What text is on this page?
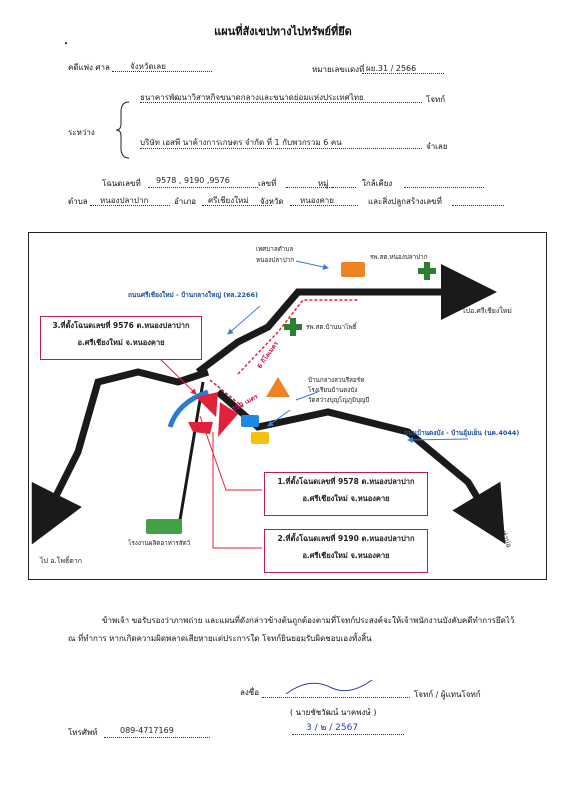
แผนที่สังเขปทางไปทรัพย์ที่ยึด
•
คดีแพ่ง ศาล	จังหวัดเลย	หมายเลขแดงที่ ผย.31 / 2566
ระหว่าง
ธนาคารพัฒนาวิสาหกิจขนาดกลางและขนาดย่อมแห่งประเทศไทย	โจทก์
บริษัท เอสพี นาค้างการเกษตร จำกัด ที่ 1 กับพวกรวม 6 คน	จำเลย
โฉนดเลขที่ 9578 , 9190 ,9576	เลขที่	หมู่	ใกล้เคียง
ตำบล หนองปลาปาก	อำเภอ ศรีเชียงใหม่ จังหวัด หนองคาย	และสิ่งปลูกสร้างเลขที่
เทศบาลตำบล
หนองปลาปาก	รพ.สต.หนองปลาปาก
ถนนศรีเชียงใหม่ - บ้านกลางใหญ่ (ทล.2266)
ไปอ.ศรีเชียงใหม่
รพ.สต.บ้านนาโพธิ์
6 กิโลเมตร
250 เมตร
บ้านกลางสวนรีสอร์ท
โรงเรียนบ้านดงบัง
วัดสว่างบุญโญภูมิบุญบี
ถนนบ้านดงบัง - บ้านอุ้มเย็น (นค.4044)
ไป อ.ท่าบ่อ
ไป อ.โพธิ์ตาก
โรงงานผลิตอาหารสัตว์
3.ที่ตั้งโฉนดเลขที่ 9576 ต.หนองปลาปาก
อ.ศรีเชียงใหม่ จ.หนองคาย
1.ที่ตั้งโฉนดเลขที่ 9578 ต.หนองปลาปาก
อ.ศรีเชียงใหม่ จ.หนองคาย
2.ที่ตั้งโฉนดเลขที่ 9190 ต.หนองปลาปาก
อ.ศรีเชียงใหม่ จ.หนองคาย
ข้าพเจ้า ขอรับรองว่าภาพถ่าย และแผนที่ดังกล่าวข้างต้นถูกต้องตามที่โจทก์ประสงค์จะให้เจ้าพนักงานบังคับคดีทำการยึดไว้
ณ ที่ทำการ หากเกิดความผิดพลาดเสียหายแต่ประการใด โจทก์ยินยอมรับผิดชอบเองทั้งสิ้น
ลงชื่อ	โจทก์ / ผู้แทนโจทก์
( นายชัชวัฒน์ นาคพงษ์ )
โทรศัพท์	089-4717169	3 / ๒ / 2567
